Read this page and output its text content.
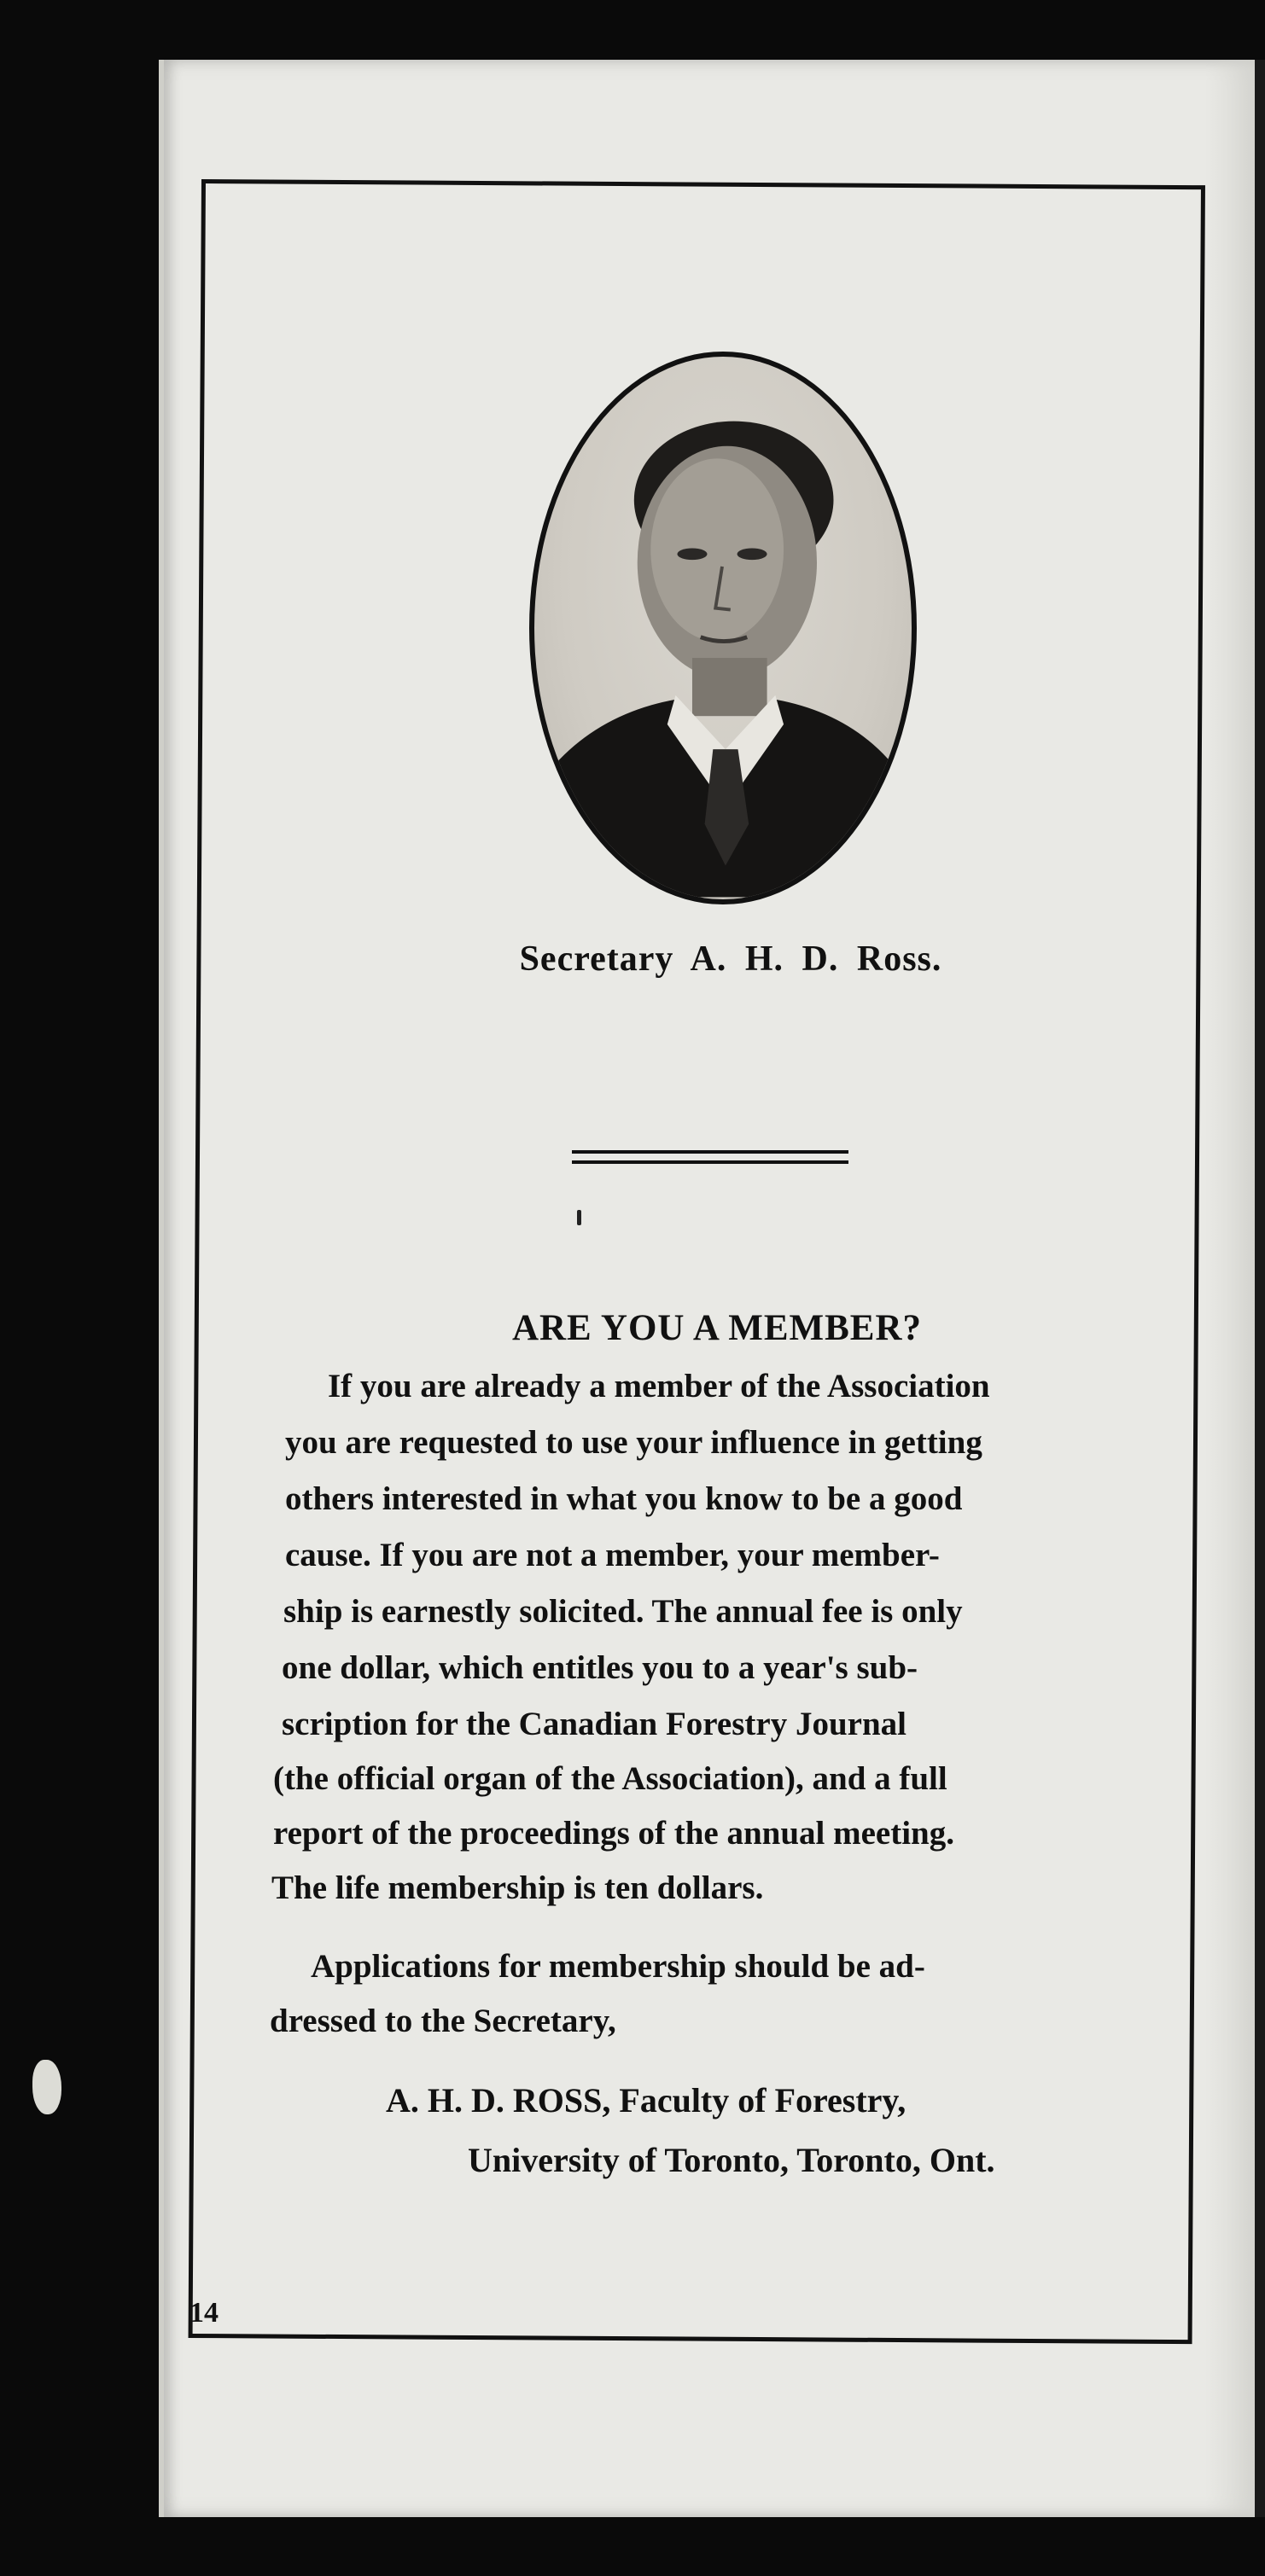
Secretary A. H. D. Ross.
ARE YOU A MEMBER?
If you are already a member of the Association
you are requested to use your influence in getting
others interested in what you know to be a good
cause. If you are not a member, your member-
ship is earnestly solicited. The annual fee is only
one dollar, which entitles you to a year's sub-
scription for the Canadian Forestry Journal
(the official organ of the Association), and a full
report of the proceedings of the annual meeting.
The life membership is ten dollars.
Applications for membership should be ad-
dressed to the Secretary,
A. H. D. ROSS, Faculty of Forestry,
University of Toronto, Toronto, Ont.
14
